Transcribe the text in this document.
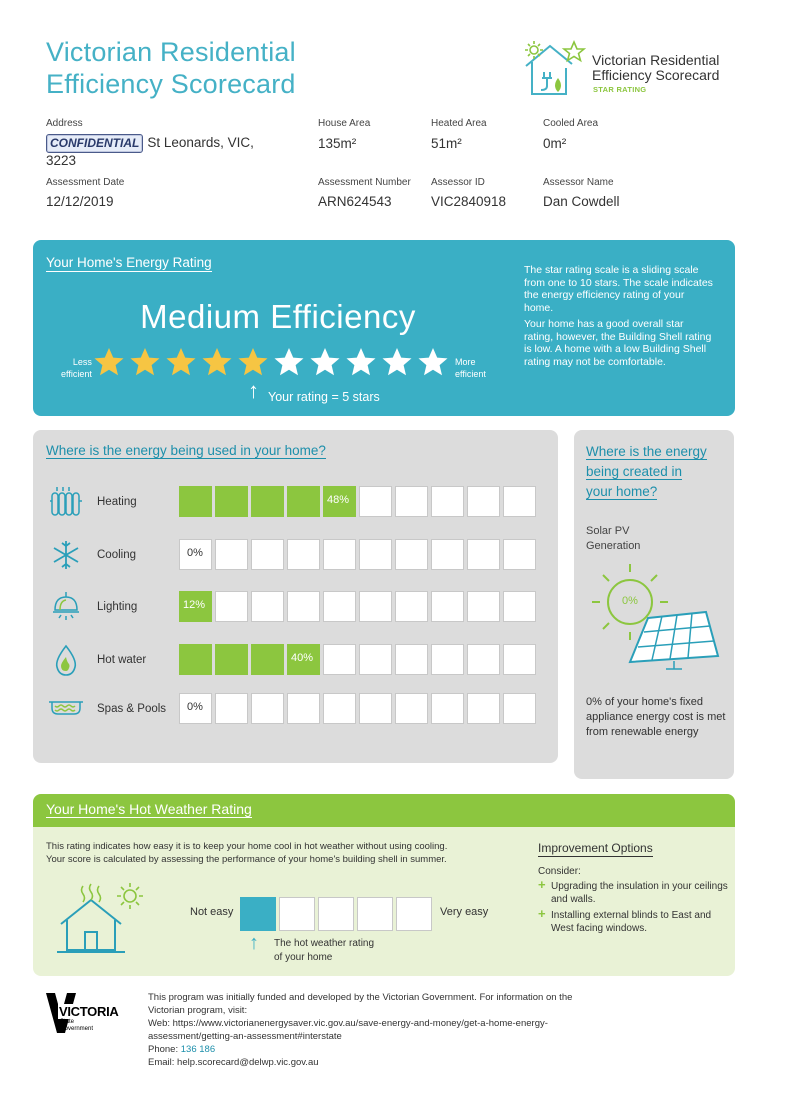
Victorian Residential
Efficiency Scorecard
Victorian Residential
Efficiency Scorecard
STAR RATING
Address
CONFIDENTIAL St Leonards, VIC,
3223
House Area
135m²
Heated Area
51m²
Cooled Area
0m²
Assessment Date
12/12/2019
Assessment Number
ARN624543
Assessor ID
VIC2840918
Assessor Name
Dan Cowdell
Your Home's Energy Rating
Medium Efficiency
Less
efficient
More
efficient
↑ Your rating = 5 stars

The star rating scale is a sliding scale from one to 10 stars. The scale indicates the energy efficiency rating of your home.

Your home has a good overall star rating, however, the Building Shell rating is low. A home with a low Building Shell rating may not be comfortable.

Where is the energy being used in your home?
Heating	48%
Cooling	0%
Lighting	12%
Hot water	40%
Spas & Pools 0%
Where is the energy
being created in
your home?
Solar PV
Generation
0%
0% of your home's fixed appliance energy cost is met from renewable energy
Your Home's Hot Weather Rating
This rating indicates how easy it is to keep your home cool in hot weather without using cooling.
Your score is calculated by assessing the performance of your home's building shell in summer.
Not easy	Very easy
↑ The hot weather rating
of your home
Improvement Options
Consider:
+ Upgrading the insulation in your ceilings and walls.
+ Installing external blinds to East and West facing windows.
VICTORIA
State
Government
This program was initially funded and developed by the Victorian Government. For information on the
Victorian program, visit:
Web: https://www.victorianenergysaver.vic.gov.au/save-energy-and-money/get-a-home-energy-
assessment/getting-an-assessment#interstate
Phone: 136 186
Email: help.scorecard@delwp.vic.gov.au
